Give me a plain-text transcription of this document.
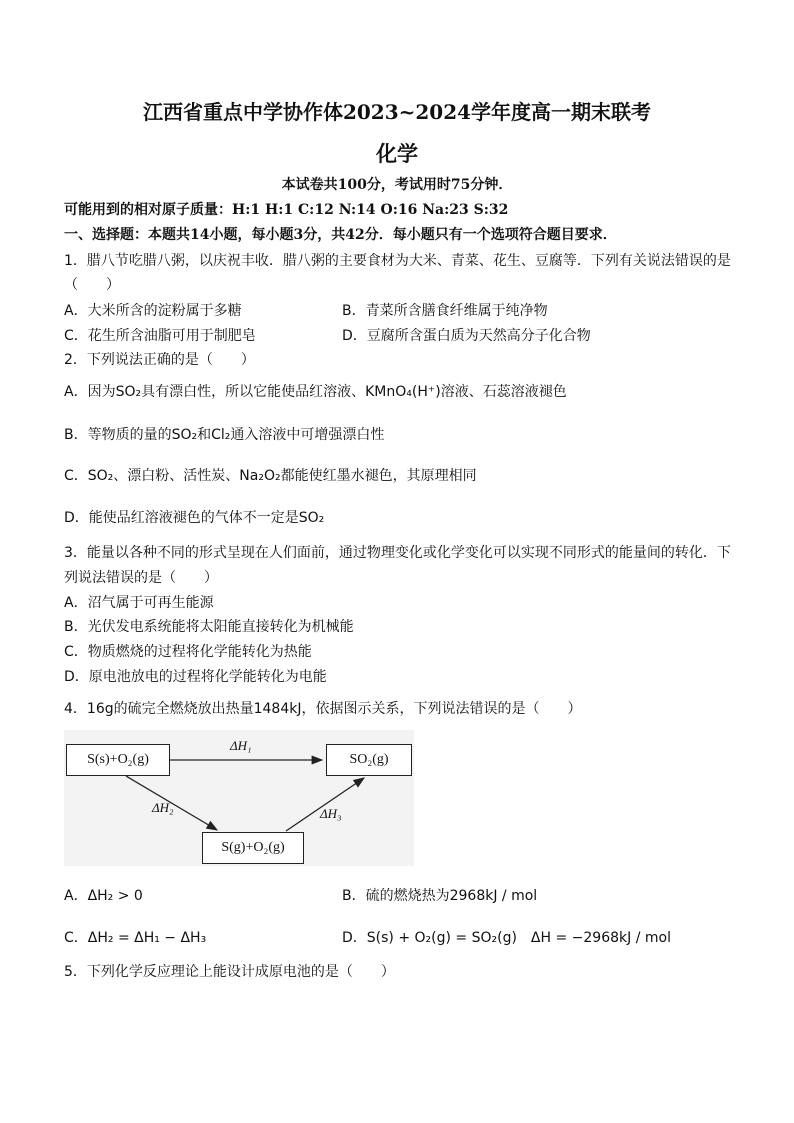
江西省重点中学协作体2023~2024学年度高一期末联考
化学
本试卷共100分，考试用时75分钟．
可能用到的相对原子质量：H:1 H:1 C:12 N:14 O:16 Na:23 S:32
一、选择题：本题共14小题，每小题3分，共42分．每小题只有一个选项符合题目要求．
1．腊八节吃腊八粥，以庆祝丰收．腊八粥的主要食材为大米、青菜、花生、豆腐等．下列有关说法错误的是
（　　）
A．大米所含的淀粉属于多糖	B．青菜所含膳食纤维属于纯净物
C．花生所含油脂可用于制肥皂	D．豆腐所含蛋白质为天然高分子化合物
2．下列说法正确的是（　　）
A．因为SO₂具有漂白性，所以它能使品红溶液、KMnO₄(H⁺)溶液、石蕊溶液褪色
B．等物质的量的SO₂和Cl₂通入溶液中可增强漂白性
C．SO₂、漂白粉、活性炭、Na₂O₂都能使红墨水褪色，其原理相同
D．能使品红溶液褪色的气体不一定是SO₂
3．能量以各种不同的形式呈现在人们面前，通过物理变化或化学变化可以实现不同形式的能量间的转化．下
列说法错误的是（　　）
A．沼气属于可再生能源
B．光伏发电系统能将太阳能直接转化为机械能
C．物质燃烧的过程将化学能转化为热能
D．原电池放电的过程将化学能转化为电能
4．16g的硫完全燃烧放出热量1484kJ，依据图示关系，下列说法错误的是（　　）
S(s)+O₂(g)	SO₂(g)
S(g)+O₂(g)
ΔH₁
ΔH₂	ΔH₃
A．ΔH₂ > 0	B．硫的燃烧热为2968kJ / mol
C．ΔH₂ = ΔH₁ − ΔH₃	D．S(s) + O₂(g) = SO₂(g)　ΔH = −2968kJ / mol
5．下列化学反应理论上能设计成原电池的是（　　）
